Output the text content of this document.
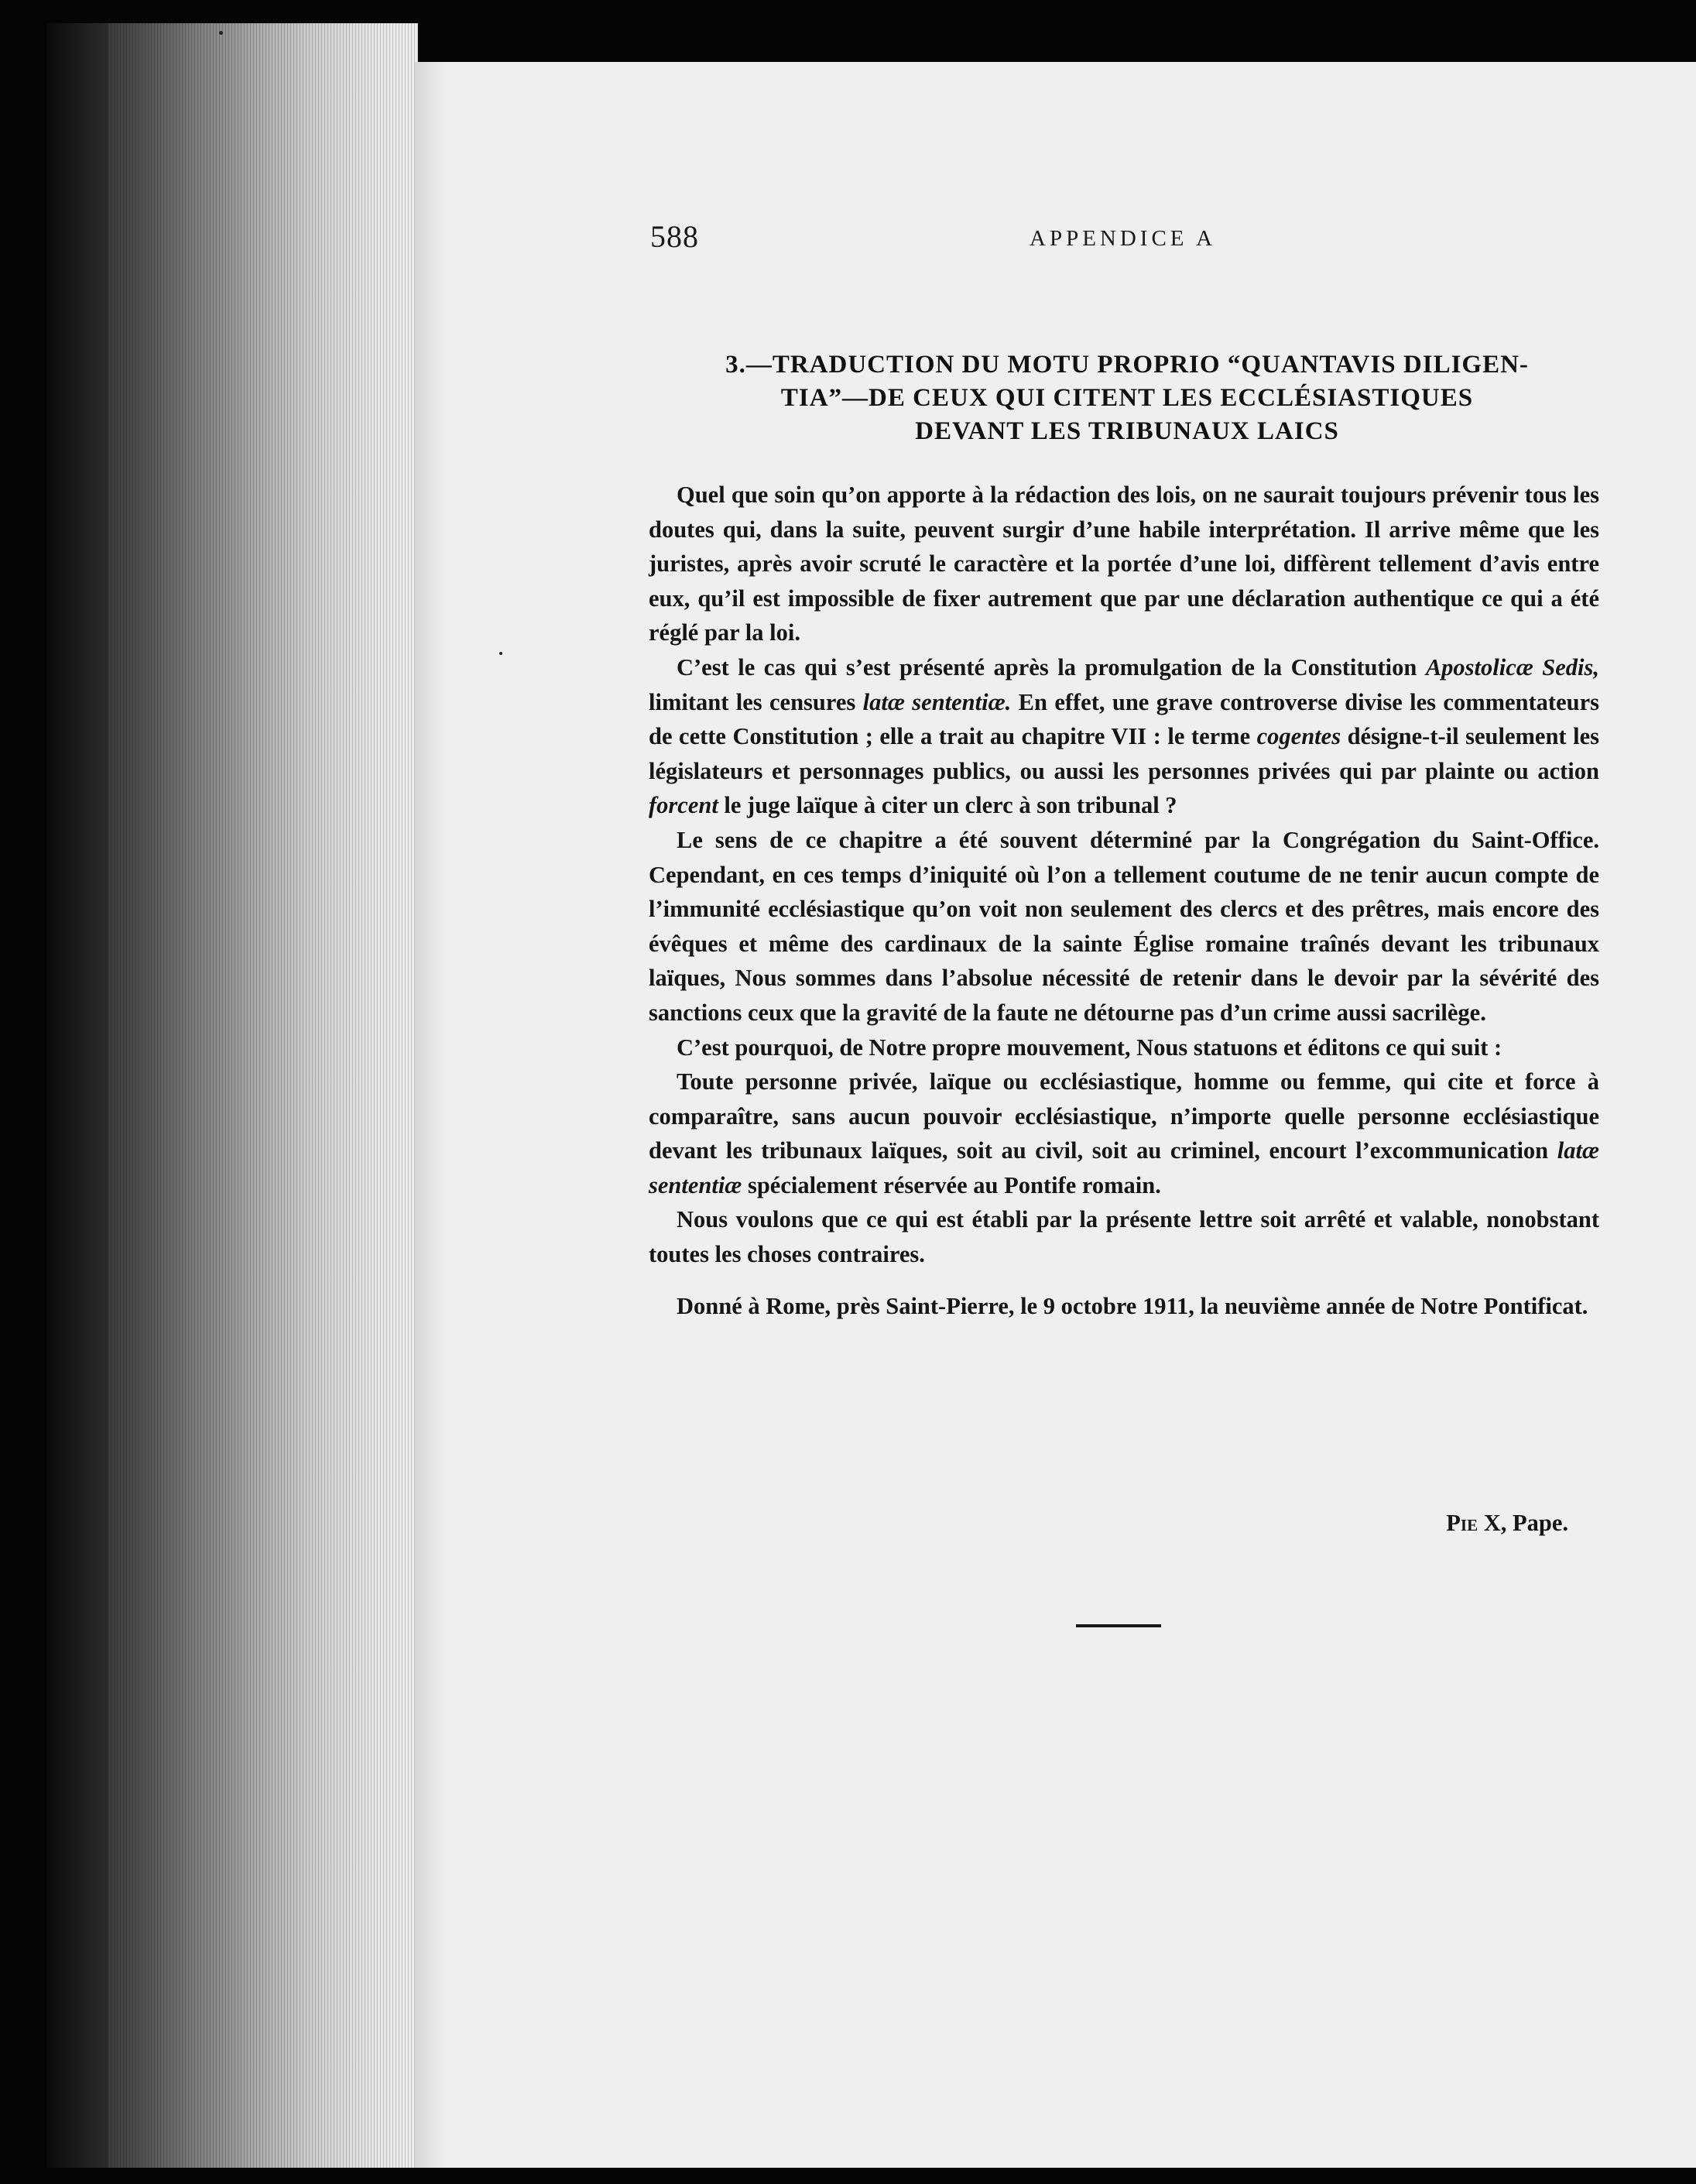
588	APPENDICE A
3.—TRADUCTION DU MOTU PROPRIO “QUANTAVIS DILIGEN-
TIA”—DE CEUX QUI CITENT LES ECCLÉSIASTIQUES
DEVANT LES TRIBUNAUX LAICS

Quel que soin qu’on apporte à la rédaction des lois, on ne saurait toujours prévenir tous les doutes qui, dans la suite, peuvent surgir d’une habile interprétation. Il arrive même que les juristes, après avoir scruté le caractère et la portée d’une loi, diffèrent tellement d’avis entre eux, qu’il est impossible de fixer autrement que par une déclaration authentique ce qui a été réglé par la loi.

C’est le cas qui s’est présenté après la promulgation de la Constitution Apostolicæ Sedis, limitant les censures latæ sententiæ. En effet, une grave controverse divise les commentateurs de cette Constitution ; elle a trait au chapitre VII : le terme cogentes désigne-t-il seulement les législateurs et personnages publics, ou aussi les personnes privées qui par plainte ou action forcent le juge laïque à citer un clerc à son tribunal ?

Le sens de ce chapitre a été souvent déterminé par la Congrégation du Saint-Office. Cependant, en ces temps d’iniquité où l’on a tellement coutume de ne tenir aucun compte de l’immunité ecclésiastique qu’on voit non seulement des clercs et des prêtres, mais encore des évêques et même des cardinaux de la sainte Église romaine traînés devant les tribunaux laïques, Nous sommes dans l’absolue nécessité de retenir dans le devoir par la sévérité des sanctions ceux que la gravité de la faute ne détourne pas d’un crime aussi sacrilège.

C’est pourquoi, de Notre propre mouvement, Nous statuons et éditons ce qui suit :

Toute personne privée, laïque ou ecclésiastique, homme ou femme, qui cite et force à comparaître, sans aucun pouvoir ecclésiastique, n’importe quelle personne ecclésiastique devant les tribunaux laïques, soit au civil, soit au criminel, encourt l’excommunication latæ sententiæ spécialement réservée au Pontife romain.

Nous voulons que ce qui est établi par la présente lettre soit arrêté et valable, nonobstant toutes les choses contraires.

Donné à Rome, près Saint-Pierre, le 9 octobre 1911, la neuvième année de Notre Pontificat.

Pie X, Pape.
